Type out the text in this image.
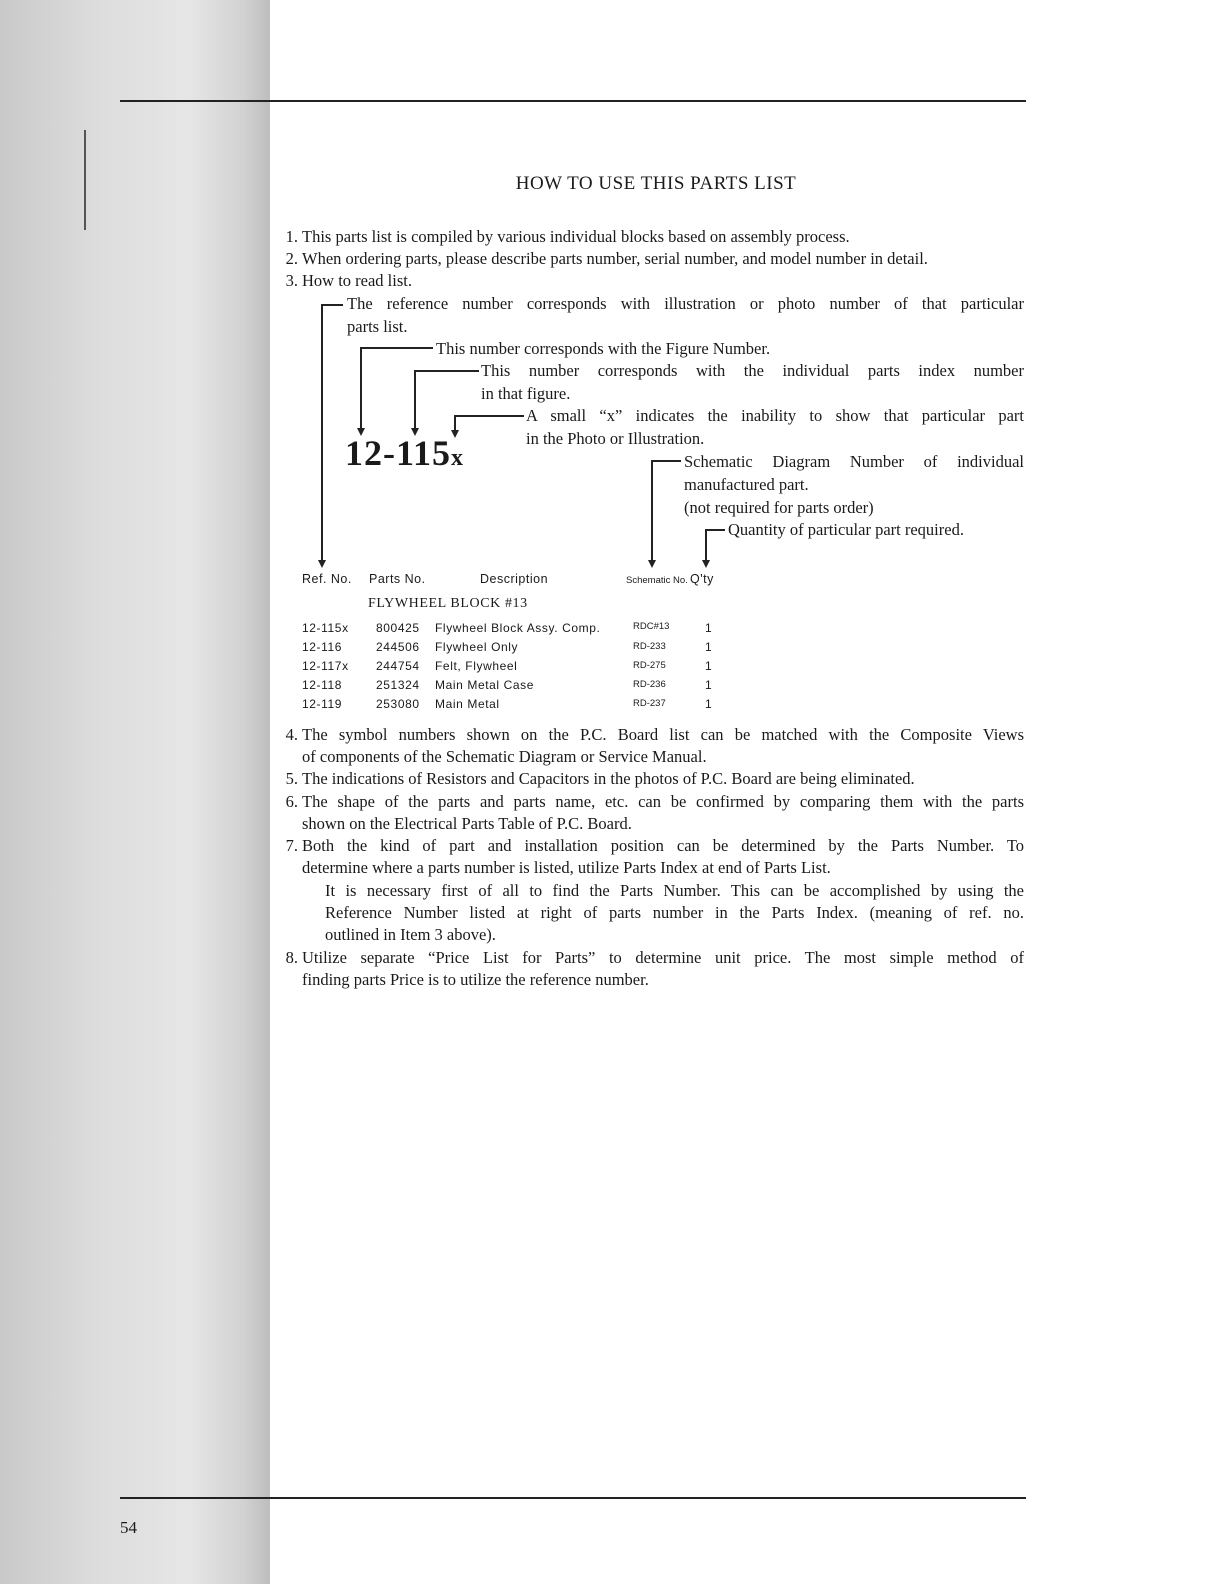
HOW TO USE THIS PARTS LIST
1. This parts list is compiled by various individual blocks based on assembly process.
2. When ordering parts, please describe parts number, serial number, and model number in detail.
3. How to read list.
The reference number corresponds with illustration or photo number of that particular
parts list.
This number corresponds with the Figure Number.
This number corresponds with the individual parts index number
in that figure.
A small “x” indicates the inability to show that particular part
in the Photo or Illustration.
12-115x	Schematic Diagram Number of individual
manufactured part.
(not required for parts order)
Quantity of particular part required.
Ref. No. Parts No.	Description	Schematic No. Q'ty
FLYWHEEL BLOCK #13
12-115x 800425 Flywheel Block Assy. Comp.	RDC#13	1
12-116	244506 Flywheel Only	RD-233	1
12-117x 244754 Felt, Flywheel	RD-275	1
12-118	251324 Main Metal Case	RD-236	1
12-119	253080 Main Metal	RD-237	1
4. The symbol numbers shown on the P.C. Board list can be matched with the Composite Views
of components of the Schematic Diagram or Service Manual.
5. The indications of Resistors and Capacitors in the photos of P.C. Board are being eliminated.
6. The shape of the parts and parts name, etc. can be confirmed by comparing them with the parts
shown on the Electrical Parts Table of P.C. Board.
7. Both the kind of part and installation position can be determined by the Parts Number. To
determine where a parts number is listed, utilize Parts Index at end of Parts List.
It is necessary first of all to find the Parts Number. This can be accomplished by using the
Reference Number listed at right of parts number in the Parts Index. (meaning of ref. no.
outlined in Item 3 above).
8. Utilize separate “Price List for Parts” to determine unit price. The most simple method of
finding parts Price is to utilize the reference number.
54
